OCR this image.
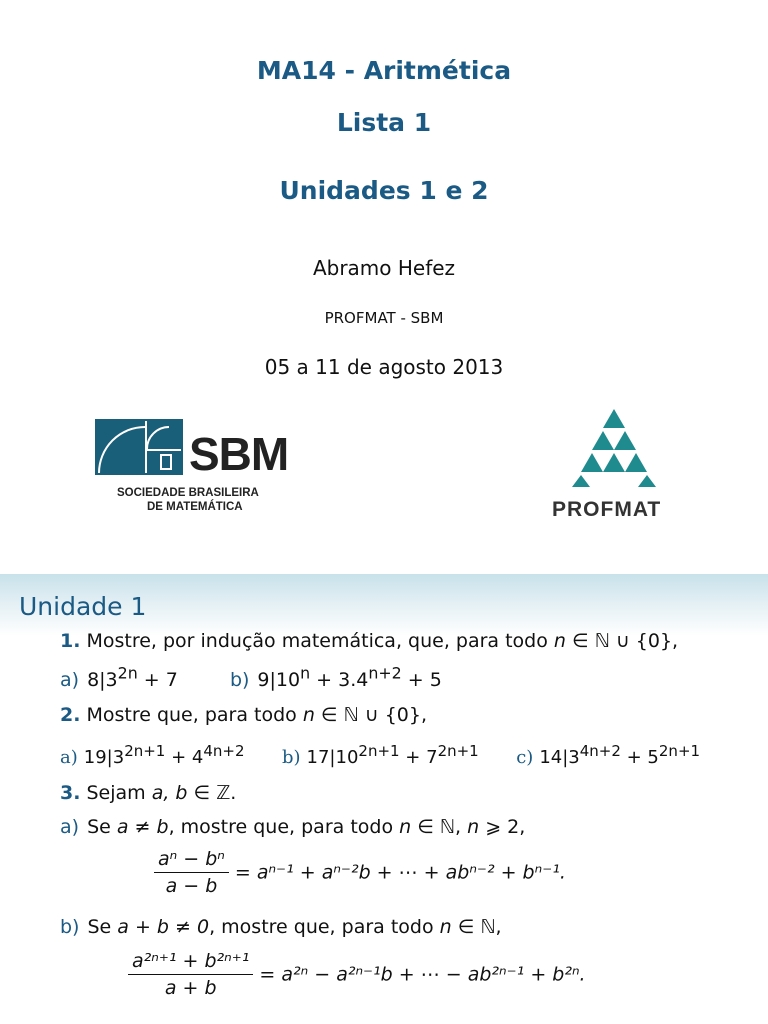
MA14 - Aritmética
Lista 1
Unidades 1 e 2
Abramo Hefez
PROFMAT - SBM
05 a 11 de agosto 2013
SBM
SOCIEDADE BRASILEIRA
DE MATEMÁTICA	PROFMAT
Unidade 1
1. Mostre, por indução matemática, que, para todo n ∈ ℕ ∪ {0},
a) $8|3^{2n} + 7$	b) $9|10^n + 3.4^{n+2} + 5$
2. Mostre que, para todo n ∈ ℕ ∪ {0},
a) $19|3^{2n+1} + 4^{4n+2}$ b) $17|10^{2n+1} + 7^{2n+1}$ c) $14|3^{4n+2} + 5^{2n+1}$
3. Sejam a, b ∈ ℤ.
a) Se a ≠ b, mostre que, para todo n ∈ ℕ, n ⩾ 2,
$\frac{\text{aⁿ − bⁿ}}{a - b} = a^{n-1} + a^{n-2}b$ + ⋯ + abⁿ⁻² + bⁿ⁻¹.
b) Se a + b ≠ 0, mostre que, para todo n ∈ ℕ,
$\frac{\text{a²ⁿ⁺¹ + b²ⁿ⁺¹}}{a + b} = a^{2n} - a^{2n-1}b$ + ⋯ − ab²ⁿ⁻¹ + b²ⁿ.
